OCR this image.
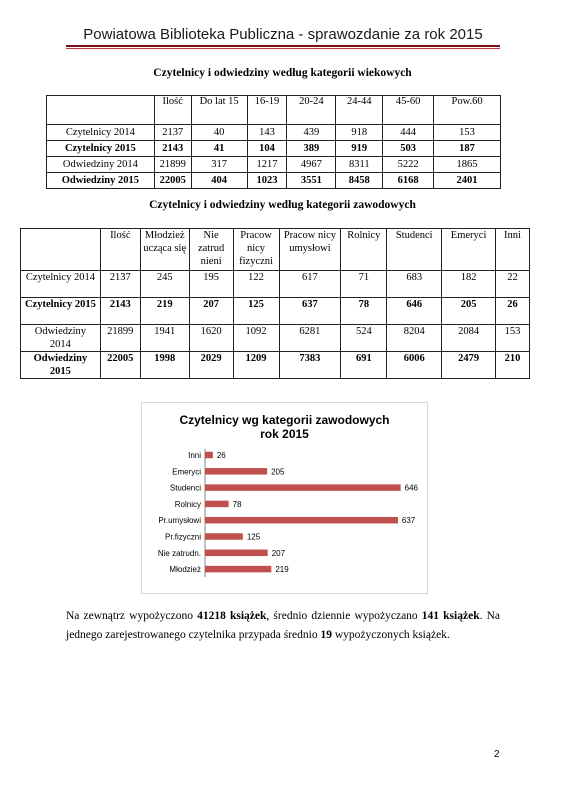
Powiatowa Biblioteka Publiczna - sprawozdanie za rok 2015
Czytelnicy i odwiedziny według kategorii wiekowych
	Ilość	Do lat 15	16-19	20-24	24-44	45-60	Pow.60
Czytelnicy 2014	2137	40	143	439	918	444	153
Czytelnicy 2015	2143	41	104	389	919	503	187
Odwiedziny 2014	21899	317	1217	4967	8311	5222	1865
Odwiedziny 2015	22005	404	1023	3551	8458	6168	2401
Czytelnicy i odwiedziny według kategorii zawodowych
	Ilość	Młodzież ucząca się	Nie zatrud nieni	Pracow nicy fizyczni	Pracow nicy umysłowi	Rolnicy	Studenci	Emeryci	Inni
Czytelnicy 2014	2137	245	195	122	617	71	683	182	22
Czytelnicy 2015	2143	219	207	125	637	78	646	205	26
Odwiedziny 2014	21899	1941	1620	1092	6281	524	8204	2084	153
Odwiedziny 2015	22005	1998	2029	1209	7383	691	6006	2479	210
Czytelnicy wg kategorii zawodowych
rok 2015
Inni 26
Emeryci	205
Studenci	646
Rolnicy	78
Pr.umysłowi	637
Pr.fizyczni	125
Nie zatrudn.	207
Młodzież	219
Na zewnątrz wypożyczono 41218 książek, średnio dziennie wypożyczano 141 książek. Na jednego zarejestrowanego czytelnika przypada średnio 19 wypożyczonych książek.
2
